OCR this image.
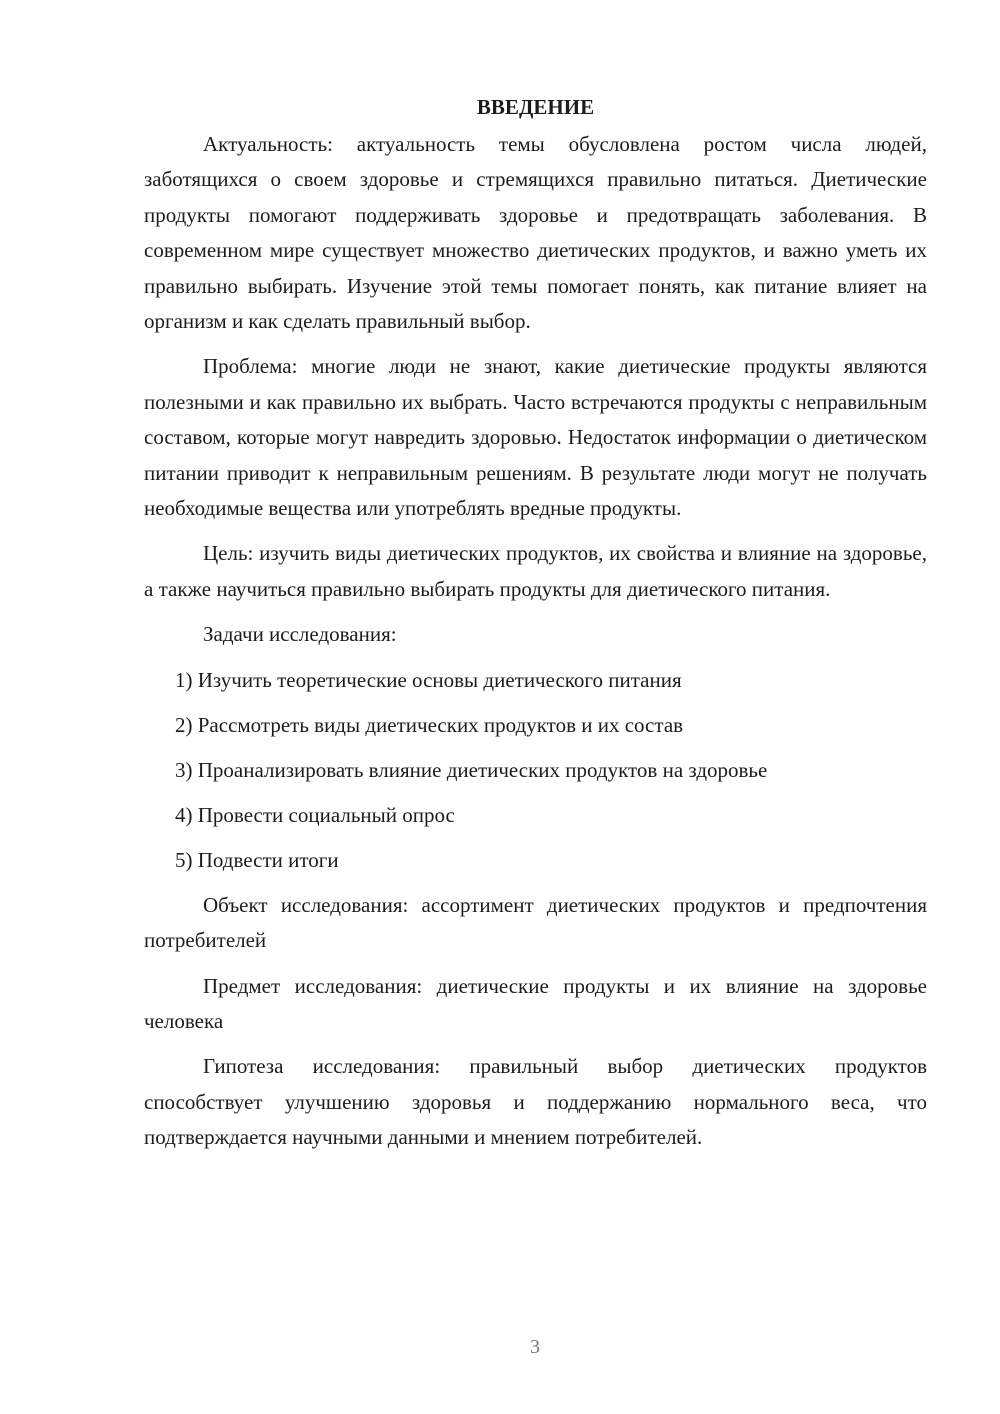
ВВЕДЕНИЕ

Актуальность: актуальность темы обусловлена ростом числа людей, заботящихся о своем здоровье и стремящихся правильно питаться. Диетические продукты помогают поддерживать здоровье и предотвращать заболевания. В современном мире существует множество диетических продуктов, и важно уметь их правильно выбирать. Изучение этой темы помогает понять, как питание влияет на организм и как сделать правильный выбор.

Проблема: многие люди не знают, какие диетические продукты являются полезными и как правильно их выбрать. Часто встречаются продукты с неправильным составом, которые могут навредить здоровью. Недостаток информации о диетическом питании приводит к неправильным решениям. В результате люди могут не получать необходимые вещества или употреблять вредные продукты.

Цель: изучить виды диетических продуктов, их свойства и влияние на здоровье, а также научиться правильно выбирать продукты для диетического питания.

Задачи исследования:

1) Изучить теоретические основы диетического питания
2) Рассмотреть виды диетических продуктов и их состав
3) Проанализировать влияние диетических продуктов на здоровье
4) Провести социальный опрос
5) Подвести итоги

Объект исследования: ассортимент диетических продуктов и предпочтения потребителей

Предмет исследования: диетические продукты и их влияние на здоровье человека

Гипотеза исследования: правильный выбор диетических продуктов способствует улучшению здоровья и поддержанию нормального веса, что подтверждается научными данными и мнением потребителей.

3
